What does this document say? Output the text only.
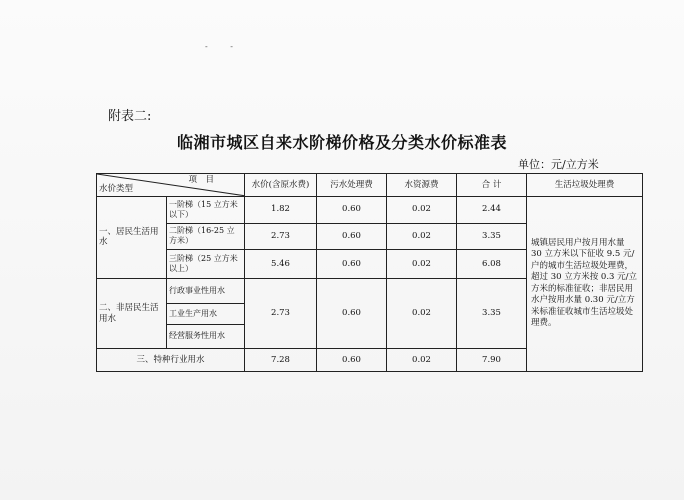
- -
附表二:
临湘市城区自来水阶梯价格及分类水价标准表
单位：元/立方米
项　目
水价类型		水价(含原水费)	污水处理费	水资源费	合 计	生活垃圾处理费
一、居民生活用水	一阶梯（15 立方米以下）	1.82	0.60	0.02	2.44	城镇居民用户按月用水量 30 立方米以下征收 9.5 元/户的城市生活垃圾处理费，超过 30 立方米按 0.3 元/立方米的标准征收；非居民用水户按用水量 0.30 元/立方米标准征收城市生活垃圾处理费。
	二阶梯（16-25 立方米）	2.73	0.60	0.02	3.35	
	三阶梯（25 立方米以上）	5.46	0.60	0.02	6.08	
二、非居民生活用水	行政事业性用水	2.73	0.60	0.02	3.35	
	工业生产用水					
	经营服务性用水					
三、特种行业用水		7.28	0.60	0.02	7.90	
